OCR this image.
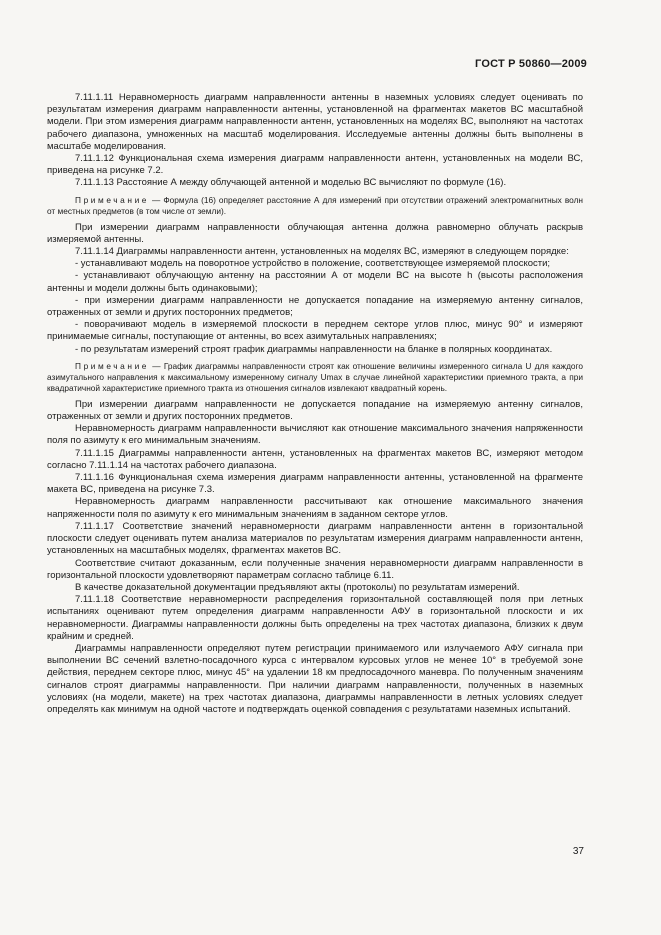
ГОСТ Р 50860—2009

7.11.1.11 Неравномерность диаграмм направленности антенны в наземных условиях следует оценивать по результатам измерения диаграмм направленности антенны, установленной на фрагментах макетов ВС масштабной модели. При этом измерения диаграмм направленности антенн, установленных на моделях ВС, выполняют на частотах рабочего диапазона, умноженных на масштаб моделирования. Исследуемые антенны должны быть выполнены в масштабе моделирования.

7.11.1.12 Функциональная схема измерения диаграмм направленности антенн, установленных на модели ВС, приведена на рисунке 7.2.

7.11.1.13 Расстояние А между облучающей антенной и моделью ВС вычисляют по формуле (16).

Примечание — Формула (16) определяет расстояние А для измерений при отсутствии отражений электромагнитных волн от местных предметов (в том числе от земли).

При измерении диаграмм направленности облучающая антенна должна равномерно облучать раскрыв измеряемой антенны.

7.11.1.14 Диаграммы направленности антенн, установленных на моделях ВС, измеряют в следующем порядке:

- устанавливают модель на поворотное устройство в положение, соответствующее измеряемой плоскости;

- устанавливают облучающую антенну на расстоянии А от модели ВС на высоте h (высоты расположения антенны и модели должны быть одинаковыми);

- при измерении диаграмм направленности не допускается попадание на измеряемую антенну сигналов, отраженных от земли и других посторонних предметов;

- поворачивают модель в измеряемой плоскости в переднем секторе углов плюс, минус 90° и измеряют принимаемые сигналы, поступающие от антенны, во всех азимутальных направлениях;

- по результатам измерений строят график диаграммы направленности на бланке в полярных координатах.

Примечание — График диаграммы направленности строят как отношение величины измеренного сигнала U для каждого азимутального направления к максимальному измеренному сигналу Umax в случае линейной характеристики приемного тракта, а при квадратичной характеристике приемного тракта из отношения сигналов извлекают квадратный корень.

При измерении диаграмм направленности не допускается попадание на измеряемую антенну сигналов, отраженных от земли и других посторонних предметов.

Неравномерность диаграмм направленности вычисляют как отношение максимального значения напряженности поля по азимуту к его минимальным значениям.

7.11.1.15 Диаграммы направленности антенн, установленных на фрагментах макетов ВС, измеряют методом согласно 7.11.1.14 на частотах рабочего диапазона.

7.11.1.16 Функциональная схема измерения диаграмм направленности антенны, установленной на фрагменте макета ВС, приведена на рисунке 7.3.

Неравномерность диаграмм направленности рассчитывают как отношение максимального значения напряженности поля по азимуту к его минимальным значениям в заданном секторе углов.

7.11.1.17 Соответствие значений неравномерности диаграмм направленности антенн в горизонтальной плоскости следует оценивать путем анализа материалов по результатам измерения диаграмм направленности антенн, установленных на масштабных моделях, фрагментах макетов ВС.

Соответствие считают доказанным, если полученные значения неравномерности диаграмм направленности в горизонтальной плоскости удовлетворяют параметрам согласно таблице 6.11.

В качестве доказательной документации предъявляют акты (протоколы) по результатам измерений.

7.11.1.18 Соответствие неравномерности распределения горизонтальной составляющей поля при летных испытаниях оценивают путем определения диаграмм направленности АФУ в горизонтальной плоскости и их неравномерности. Диаграммы направленности должны быть определены на трех частотах диапазона, близких к двум крайним и средней.

Диаграммы направленности определяют путем регистрации принимаемого или излучаемого АФУ сигнала при выполнении ВС сечений взлетно-посадочного курса с интервалом курсовых углов не менее 10° в требуемой зоне действия, переднем секторе плюс, минус 45° на удалении 18 км предпосадочного маневра. По полученным значениям сигналов строят диаграммы направленности. При наличии диаграмм направленности, полученных в наземных условиях (на модели, макете) на трех частотах диапазона, диаграммы направленности в летных условиях следует определять как минимум на одной частоте и подтверждать оценкой совпадения с результатами наземных испытаний.

37
